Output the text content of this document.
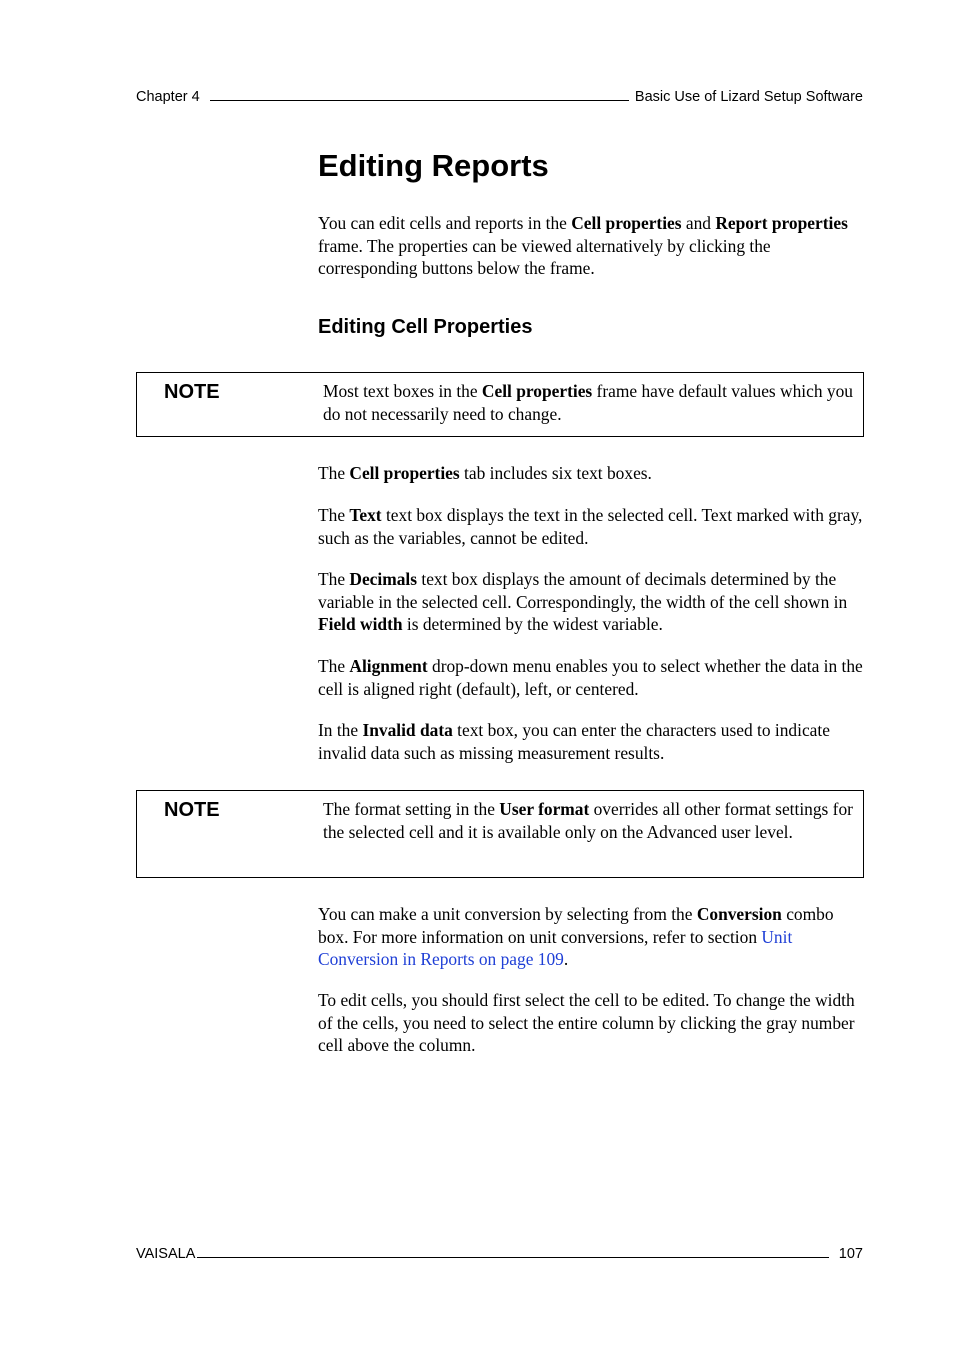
Chapter 4	Basic Use of Lizard Setup Software
Editing Reports

You can edit cells and reports in the Cell properties and Report properties frame. The properties can be viewed alternatively by clicking the corresponding buttons below the frame.

Editing Cell Properties
NOTE	Most text boxes in the Cell properties frame have default values which you do not necessarily need to change.

The Cell properties tab includes six text boxes.

The Text text box displays the text in the selected cell. Text marked with gray, such as the variables, cannot be edited.

The Decimals text box displays the amount of decimals determined by the variable in the selected cell. Correspondingly, the width of the cell shown in Field width is determined by the widest variable.

The Alignment drop-down menu enables you to select whether the data in the cell is aligned right (default), left, or centered.

In the Invalid data text box, you can enter the characters used to indicate invalid data such as missing measurement results.

NOTE	The format setting in the User format overrides all other format settings for the selected cell and it is available only on the Advanced user level.

You can make a unit conversion by selecting from the Conversion combo box. For more information on unit conversions, refer to section Unit Conversion in Reports on page 109.

To edit cells, you should first select the cell to be edited. To change the width of the cells, you need to select the entire column by clicking the gray number cell above the column.

VAISALA	107
